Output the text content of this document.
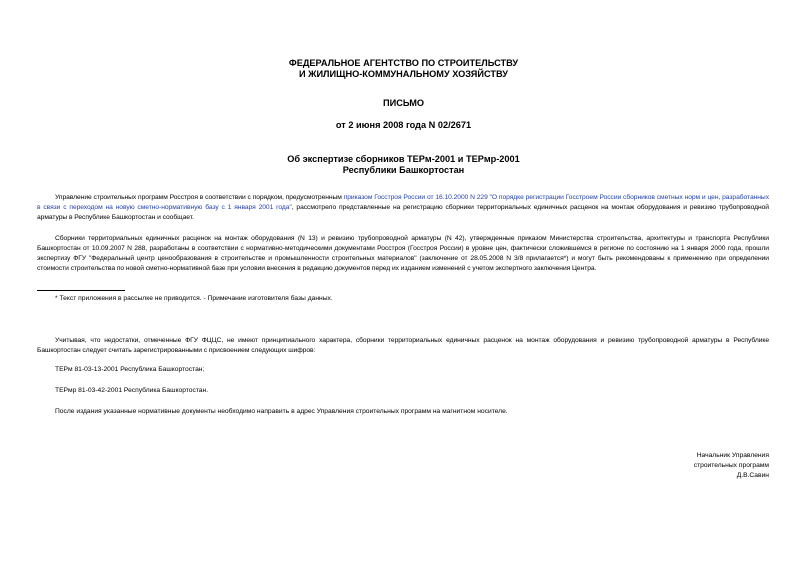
ФЕДЕРАЛЬНОЕ АГЕНТСТВО ПО СТРОИТЕЛЬСТВУ

И ЖИЛИЩНО-КОММУНАЛЬНОМУ ХОЗЯЙСТВУ

ПИСЬМО

от 2 июня 2008 года N 02/2671

Об экспертизе сборников ТЕРм-2001 и ТЕРмр-2001

Республики Башкортостан

Управление строительных программ Росстроя в соответствии с порядком, предусмотренным приказом Госстроя России от 16.10.2000 N 229 "О порядке регистрации Госстроем России сборников сметных норм и цен, разработанных в связи с переходом на новую сметно-нормативную базу с 1 января 2001 года", рассмотрело представленные на регистрацию сборники территориальных единичных расценок на монтаж оборудования и ревизию трубопроводной арматуры в Республике Башкортостан и сообщает.

Сборники территориальных единичных расценок на монтаж оборудования (N 13) и ревизию трубопроводной арматуры (N 42), утвержденные приказом Министерства строительства, архитектуры и транспорта Республики Башкортостан от 10.09.2007 N 288, разработаны в соответствии с нормативно-методическими документами Росстроя (Госстроя России) в уровне цен, фактически сложившемся в регионе по состоянию на 1 января 2000 года, прошли экспертизу ФГУ "Федеральный центр ценообразования в строительстве и промышленности строительных материалов" (заключение от 28.05.2008 N 3/8 прилагается*) и могут быть рекомендованы к применению при определении стоимости строительства по новой сметно-нормативной базе при условии внесения в редакцию документов перед их изданием изменений с учетом экспертного заключения Центра.

* Текст приложения в рассылке не приводится. - Примечание изготовителя базы данных.

Учитывая, что недостатки, отмеченные ФГУ ФЦЦС, не имеют принципиального характера, сборники территориальных единичных расценок на монтаж оборудования и ревизию трубопроводной арматуры в Республике Башкортостан следует считать зарегистрированными с присвоением следующих шифров:

ТЕРм 81-03-13-2001 Республика Башкортостан;

ТЕРмр 81-03-42-2001 Республика Башкортостан.

После издания указанные нормативные документы необходимо направить в адрес Управления строительных программ на магнитном носителе.

Начальник Управления

строительных программ

Д.В.Савин
